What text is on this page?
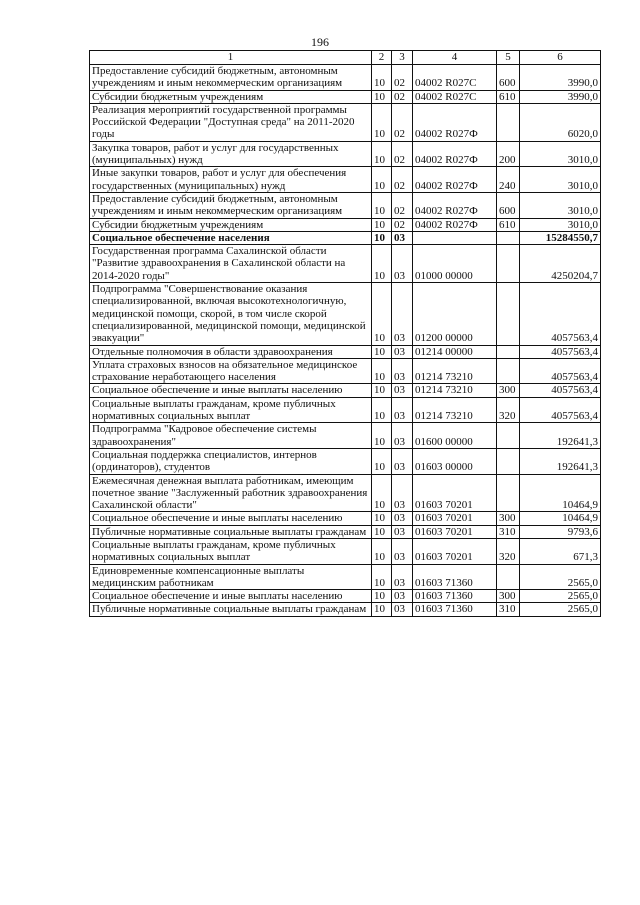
196
1	2	3	4	5	6
Предоставление субсидий бюджетным, автономным учреждениям и иным некоммерческим организациям	10	02	04002 R027C	600	3990,0
Субсидии бюджетным учреждениям	10	02	04002 R027C	610	3990,0
Реализация мероприятий государственной программы Российской Федерации "Доступная среда" на 2011-2020 годы	10	02	04002 R027Ф		6020,0
Закупка товаров, работ и услуг для государственных (муниципальных) нужд	10	02	04002 R027Ф	200	3010,0
Иные закупки товаров, работ и услуг для обеспечения государственных (муниципальных) нужд	10	02	04002 R027Ф	240	3010,0
Предоставление субсидий бюджетным, автономным учреждениям и иным некоммерческим организациям	10	02	04002 R027Ф	600	3010,0
Субсидии бюджетным учреждениям	10	02	04002 R027Ф	610	3010,0
Социальное обеспечение населения	10	03			15284550,7
Государственная программа Сахалинской области "Развитие здравоохранения в Сахалинской области на 2014-2020 годы"	10	03	01000 00000		4250204,7
Подпрограмма "Совершенствование оказания специализированной, включая высокотехнологичную, медицинской помощи, скорой, в том числе скорой специализированной, медицинской помощи, медицинской эвакуации"	10	03	01200 00000		4057563,4
Отдельные полномочия в области здравоохранения	10	03	01214 00000		4057563,4
Уплата страховых взносов на обязательное медицинское страхование неработающего населения	10	03	01214 73210		4057563,4
Социальное обеспечение и иные выплаты населению	10	03	01214 73210	300	4057563,4
Социальные выплаты гражданам, кроме публичных нормативных социальных выплат	10	03	01214 73210	320	4057563,4
Подпрограмма "Кадровое обеспечение системы здравоохранения"	10	03	01600 00000		192641,3
Социальная поддержка специалистов, интернов (ординаторов), студентов	10	03	01603 00000		192641,3
Ежемесячная денежная выплата работникам, имеющим почетное звание "Заслуженный работник здравоохранения Сахалинской области"	10	03	01603 70201		10464,9
Социальное обеспечение и иные выплаты населению	10	03	01603 70201	300	10464,9
Публичные нормативные социальные выплаты гражданам	10	03	01603 70201	310	9793,6
Социальные выплаты гражданам, кроме публичных нормативных социальных выплат	10	03	01603 70201	320	671,3
Единовременные компенсационные выплаты медицинским работникам	10	03	01603 71360		2565,0
Социальное обеспечение и иные выплаты населению	10	03	01603 71360	300	2565,0
Публичные нормативные социальные выплаты гражданам	10	03	01603 71360	310	2565,0
